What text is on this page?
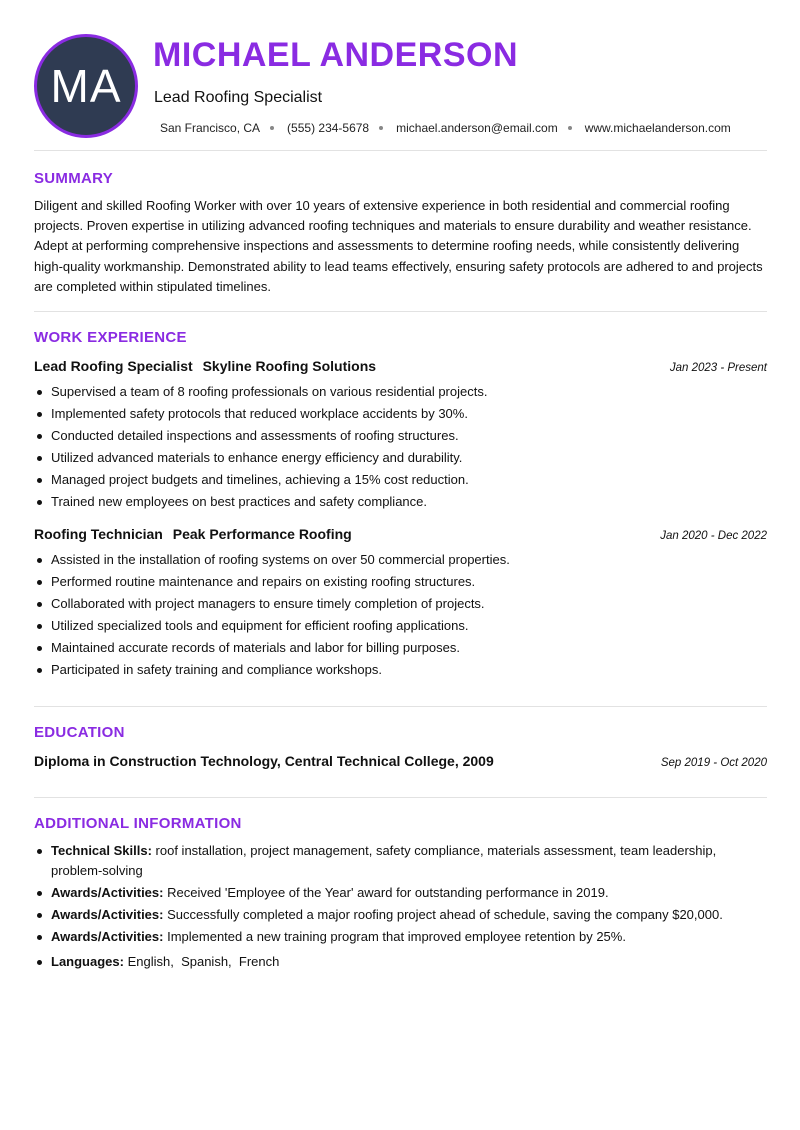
MA
MICHAEL ANDERSON
Lead Roofing Specialist
San Francisco, CA (555) 234-5678 michael.anderson@email.com www.michaelanderson.com
SUMMARY
Diligent and skilled Roofing Worker with over 10 years of extensive experience in both residential and commercial roofing projects. Proven expertise in utilizing advanced roofing techniques and materials to ensure durability and weather resistance. Adept at performing comprehensive inspections and assessments to determine roofing needs, while consistently delivering high-quality workmanship. Demonstrated ability to lead teams effectively, ensuring safety protocols are adhered to and projects are completed within stipulated timelines.
WORK EXPERIENCE
Lead Roofing Specialist Skyline Roofing Solutions	Jan 2023 - Present
Supervised a team of 8 roofing professionals on various residential projects.
Implemented safety protocols that reduced workplace accidents by 30%.
Conducted detailed inspections and assessments of roofing structures.
Utilized advanced materials to enhance energy efficiency and durability.
Managed project budgets and timelines, achieving a 15% cost reduction.
Trained new employees on best practices and safety compliance.
Roofing Technician Peak Performance Roofing	Jan 2020 - Dec 2022
Assisted in the installation of roofing systems on over 50 commercial properties.
Performed routine maintenance and repairs on existing roofing structures.
Collaborated with project managers to ensure timely completion of projects.
Utilized specialized tools and equipment for efficient roofing applications.
Maintained accurate records of materials and labor for billing purposes.
Participated in safety training and compliance workshops.
EDUCATION
Diploma in Construction Technology, Central Technical College, 2009	Sep 2019 - Oct 2020
ADDITIONAL INFORMATION
Technical Skills: roof installation, project management, safety compliance, materials assessment, team leadership, problem-solving
Awards/Activities: Received 'Employee of the Year' award for outstanding performance in 2019.
Awards/Activities: Successfully completed a major roofing project ahead of schedule, saving the company $20,000.
Awards/Activities: Implemented a new training program that improved employee retention by 25%.
Languages: English,  Spanish,  French
